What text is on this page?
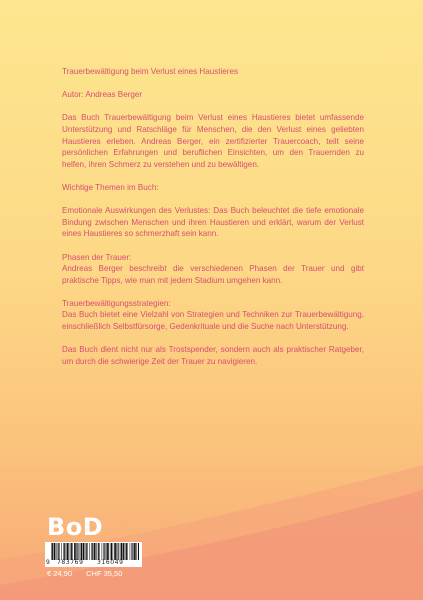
Trauerbewältigung beim Verlust eines Haustieres

Autor: Andreas Berger

Das Buch Trauerbewältigung beim Verlust eines Haustieres bietet umfassende Unterstützung und Ratschläge für Menschen, die den Verlust eines geliebten Haustieres erleben. Andreas Berger, ein zertifizierter Trauercoach, teilt seine persönlichen Erfahrungen und beruflichen Einsichten, um den Trauernden zu helfen, ihren Schmerz zu verstehen und zu bewältigen.

Wichtige Themen im Buch:

Emotionale Auswirkungen des Verlustes: Das Buch beleuchtet die tiefe emotionale Bindung zwischen Menschen und ihren Haustieren und erklärt, warum der Verlust eines Haustieres so schmerzhaft sein kann.

Phasen der Trauer:
Andreas Berger beschreibt die verschiedenen Phasen der Trauer und gibt praktische Tipps, wie man mit jedem Stadium umgehen kann.

Trauerbewältigungsstrategien:
Das Buch bietet eine Vielzahl von Strategien und Techniken zur Trauerbewältigung, einschließlich Selbstfürsorge, Gedenkrituale und die Suche nach Unterstützung.

Das Buch dient nicht nur als Trostspender, sondern auch als praktischer Ratgeber, um durch die schwierige Zeit der Trauer zu navigieren.

BoD
9 783769 316049
€ 24,90 CHF 35,50
